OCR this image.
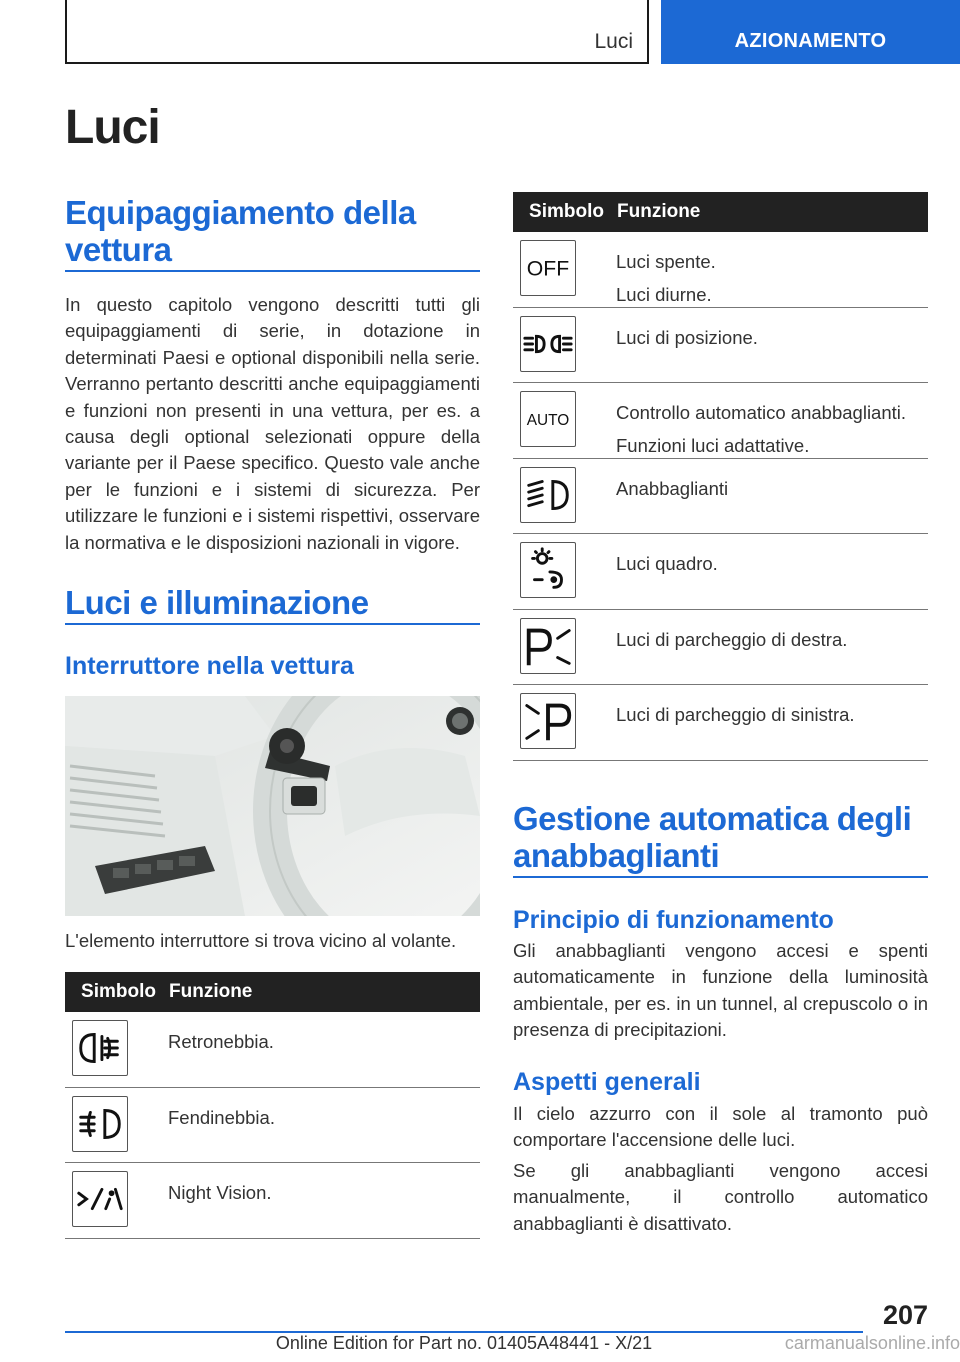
Luci	AZIONAMENTO
Luci
Equipaggiamento della vettura
In questo capitolo vengono descritti tutti gli equipaggiamenti di serie, in dotazione in determinati Paesi e optional disponibili nella serie. Verranno pertanto descritti anche equipaggiamenti e funzioni non presenti in una vettura, per es. a causa degli optional selezionati oppure della variante per il Paese specifico. Questo vale anche per le funzioni e i sistemi di sicurezza. Per utilizzare le funzioni e i sistemi rispettivi, osservare la normativa e le disposizioni nazionali in vigore.
Luci e illuminazione
Interruttore nella vettura
L'elemento interruttore si trova vicino al volante.
Simbolo Funzione
Retronebbia.
Fendinebbia.
Night Vision.
Simbolo Funzione
OFF	Luci spente.
Luci diurne.
Luci di posizione.
AUTO	Controllo automatico anabbaglianti.
Funzioni luci adattative.
Anabbaglianti
Luci quadro.
Luci di parcheggio di destra.
Luci di parcheggio di sinistra.
Gestione automatica degli anabbaglianti
Principio di funzionamento
Gli anabbaglianti vengono accesi e spenti automaticamente in funzione della luminosità ambientale, per es. in un tunnel, al crepuscolo o in presenza di precipitazioni.
Aspetti generali

Il cielo azzurro con il sole al tramonto può comportare l'accensione delle luci.

Se gli anabbaglianti vengono accesi manualmente, il controllo automatico anabbaglianti è disattivato.

207
Online Edition for Part no. 01405A48441 - X/21	carmanualsonline.info
